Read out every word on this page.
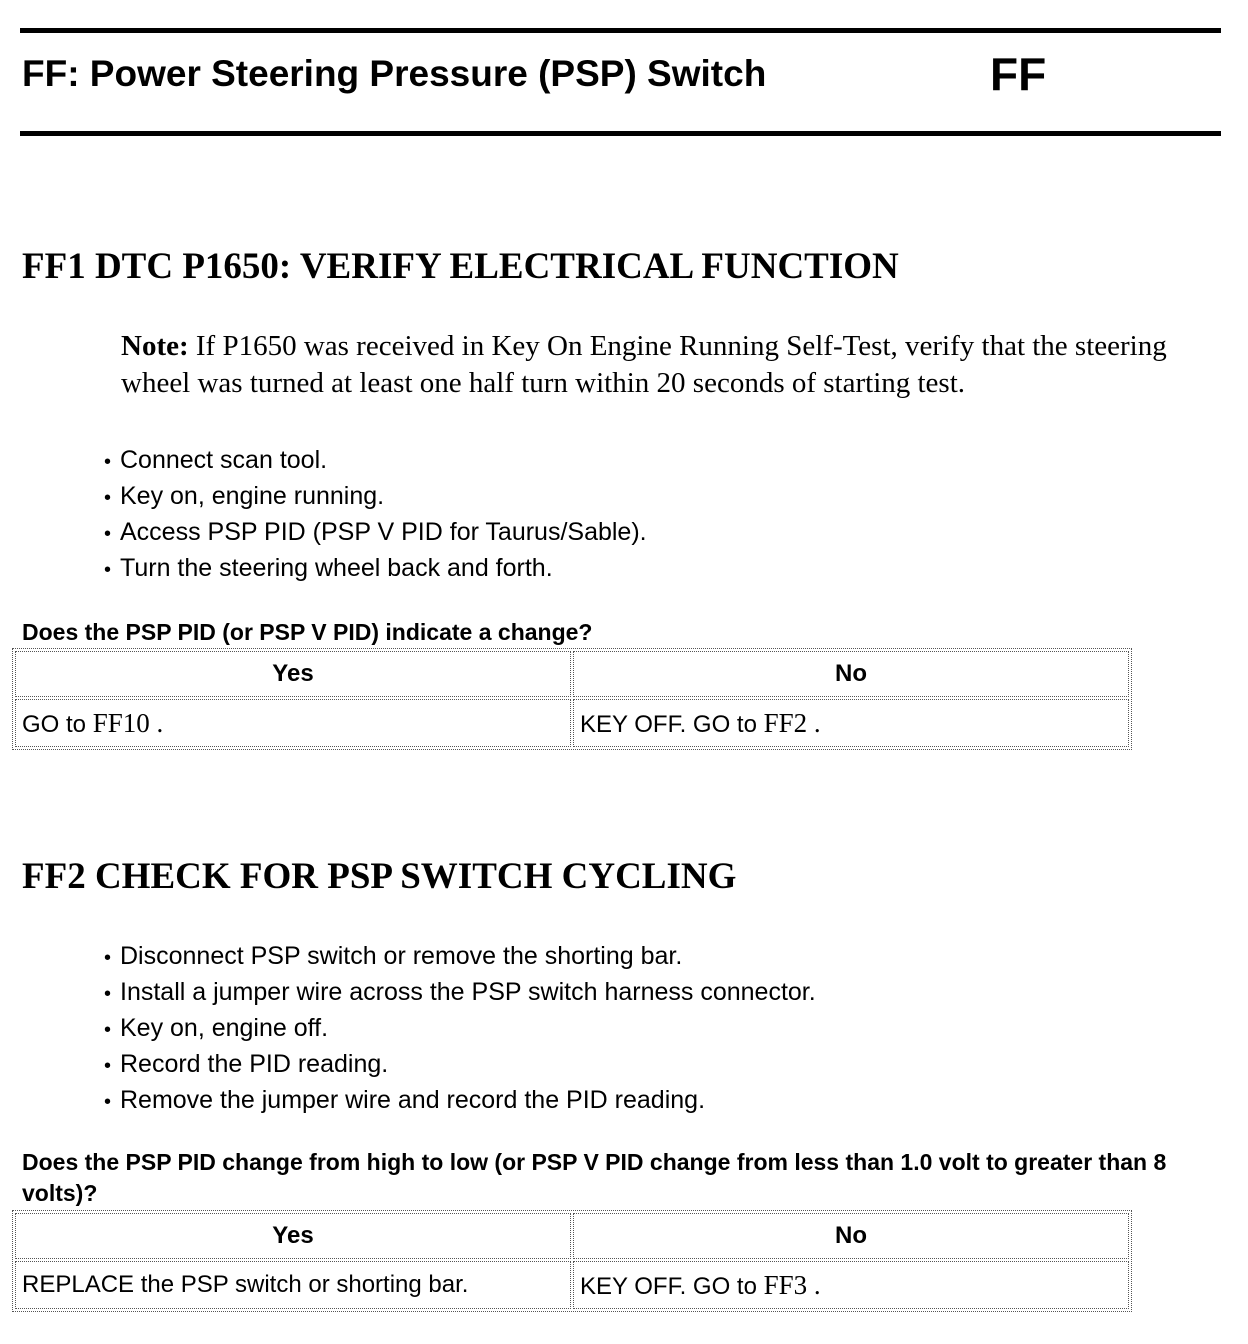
FF: Power Steering Pressure (PSP) Switch	FF
FF1 DTC P1650: VERIFY ELECTRICAL FUNCTION
Note: If P1650 was received in Key On Engine Running Self-Test, verify that the steering wheel was turned at least one half turn within 20 seconds of starting test.
• Connect scan tool.
• Key on, engine running.
• Access PSP PID (PSP V PID for Taurus/Sable).
• Turn the steering wheel back and forth.
Does the PSP PID (or PSP V PID) indicate a change?
Yes	No
GO to FF10 .	KEY OFF. GO to FF2 .
FF2 CHECK FOR PSP SWITCH CYCLING
• Disconnect PSP switch or remove the shorting bar.
• Install a jumper wire across the PSP switch harness connector.
• Key on, engine off.
• Record the PID reading.
• Remove the jumper wire and record the PID reading.
Does the PSP PID change from high to low (or PSP V PID change from less than 1.0 volt to greater than 8 volts)?
Yes	No
REPLACE the PSP switch or shorting bar.	KEY OFF. GO to FF3 .
